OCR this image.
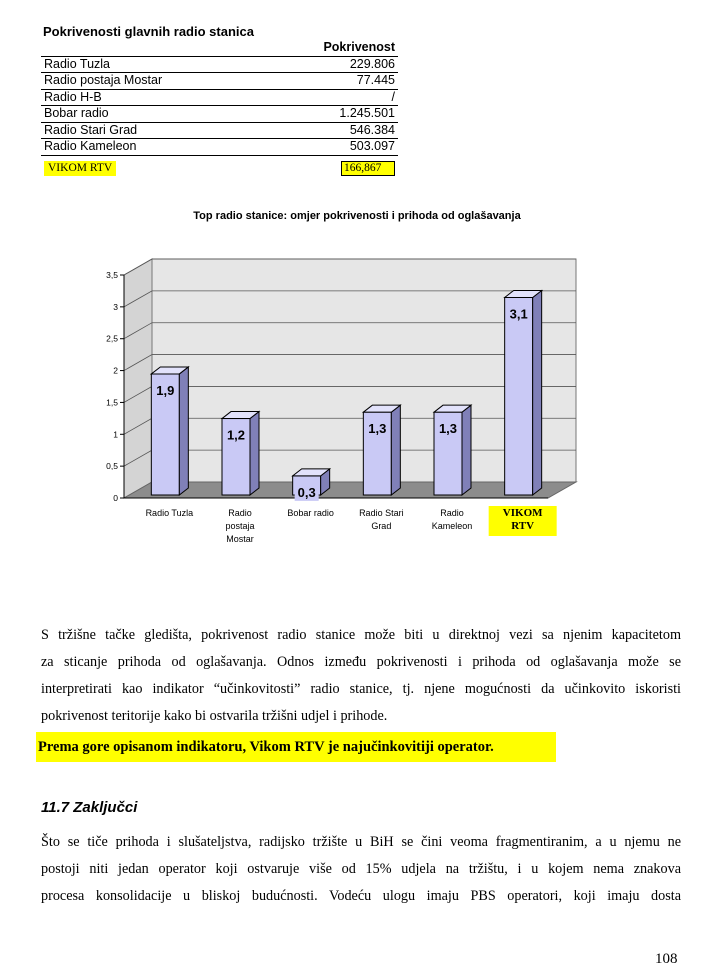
Pokrivenosti glavnih radio stanica
	Pokrivenost
Radio Tuzla	229.806
Radio postaja Mostar	77.445
Radio H-B	/
Bobar radio	1.245.501
Radio Stari Grad	546.384
Radio Kameleon	503.097
VIKOM RTV	166,867
Top radio stanice: omjer pokrivenosti i prihoda od oglašavanja
0
0,5
1
1,5
2
2,5
3
3,5
1,9
Radio Tuzla
1,2
Radio
postaja
Mostar
0,3
Bobar radio
1,3
Radio Stari
Grad
1,3
Radio
Kameleon
3,1
VIKOM
RTV
S tržišne tačke gledišta, pokrivenost radio stanice može biti u direktnoj vezi sa njenim kapacitetom
za sticanje prihoda od oglašavanja. Odnos između pokrivenosti i prihoda od oglašavanja može se
interpretirati kao indikator “učinkovitosti” radio stanice, tj. njene mogućnosti da učinkovito iskoristi
pokrivenost teritorije kako bi ostvarila tržišni udjel i prihode.
Prema gore opisanom indikatoru, Vikom RTV je najučinkovitiji operator.
11.7 Zaključci
Što se tiče prihoda i slušateljstva, radijsko tržište u BiH se čini veoma fragmentiranim, a u njemu ne
postoji niti jedan operator koji ostvaruje više od 15% udjela na tržištu, i u kojem nema znakova
procesa konsolidacije u bliskoj budućnosti. Vodeću ulogu imaju PBS operatori, koji imaju dosta
108
